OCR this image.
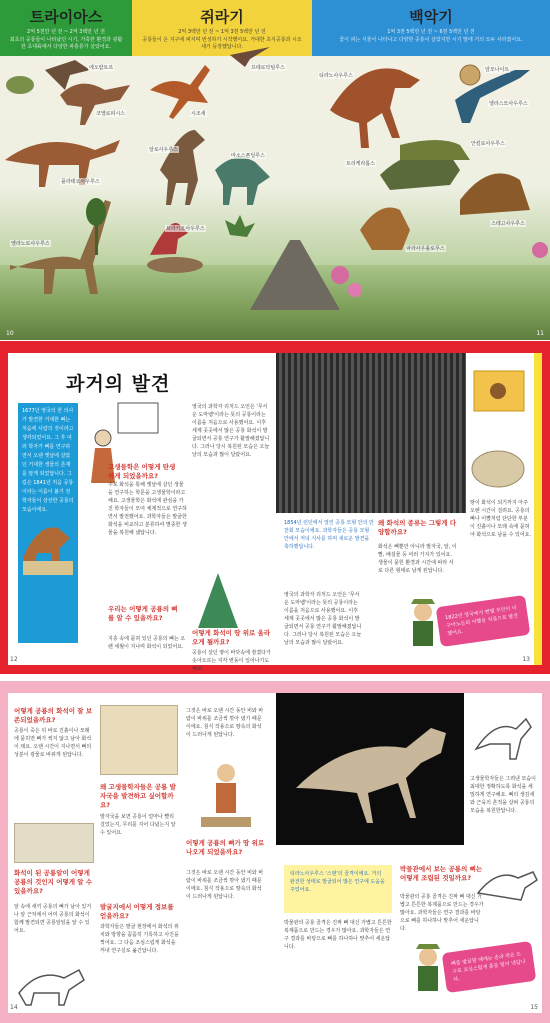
트라이아스
2억 5천만 년 전 ~ 2억 3백만 년 전
최초의 공룡들이 나타났던 시기, 가혹한 환경과 광활한 초대륙에서 다양한 파충류가 살았어요.
쥐라기
2억 3백만 년 전 ~ 1억 3천 5백만 년 전
공룡들이 온 지구에 퍼지며 번성하기 시작했어요. 거대한 초식공룡과 시조새가 등장했답니다.
백악기
1억 3천 5백만 년 전 ~ 6천 5백만 년 전
꽃이 피는 식물이 나타나고 다양한 공룡이 살았지만 시기 말에 거의 모두 사라졌어요.
에오랍토르
코엘로피시스
플라테오사우루스
멜라노로사우루스
프테로닥틸루스
알로사우루스
시조새
마소스폰딜루스
브라키오사우루스
티라노사우루스
엘라스모사우루스
암모나이트
트리케라톱스
안킬로사우루스
스테고사우루스
파라사우롤로푸스
10	11
과거의 발견
1677년 영국의 한 의사가 발견한 거대한 뼈는 처음에 사람의 것이라고 생각되었어요. 그 후 여러 학자가 뼈를 연구하면서 오랜 옛날에 살았던 거대한 생물의 존재를 알게 되었답니다. 그림은 1841년 처음 공룡이라는 이름이 붙기 전 학자들이 상상한 공룡의 모습이에요.
고생물학은 어떻게 탄생하게 되었을까요?
주로 화석을 통해 옛날에 살던 생물을 연구하는 학문을 고생물학이라고 해요. 고생물학은 화석에 관심을 가진 학자들이 모여 체계적으로 연구하면서 발전했어요. 과학자들은 발굴한 화석을 비교하고 분류하여 멸종한 생물을 복원해 냈답니다.
우리는 어떻게 공룡의 뼈를 알 수 있을까요?
지층 속에 묻혀 있던 공룡의 뼈는 오랜 세월이 지나며 화석이 되었어요.
영국의 과학자 리처드 오언은 '무서운 도마뱀'이라는 뜻의 공룡이라는 이름을 처음으로 사용했어요. 이후 세계 곳곳에서 많은 공룡 화석이 발굴되면서 공룡 연구가 활발해졌답니다. 그러나 당시 복원된 모습은 오늘날의 모습과 많이 달랐어요.
어떻게 화석이 땅 위로 올라오게 될까요?
공룡이 살던 땅이 바닷속에 잠겼다가 솟아오르는 지각 변동이 일어나기도 해요.
1854년 런던에서 열린 공룡 모형 안의 만찬회 모습이에요. 과학자들은 공룡 모형 안에서 저녁 식사를 하며 새로운 발견을 축하했답니다.
영국의 과학자 리처드 오언은 '무서운 도마뱀'이라는 뜻의 공룡이라는 이름을 처음으로 사용했어요. 이후 세계 곳곳에서 많은 공룡 화석이 발굴되면서 공룡 연구가 활발해졌답니다. 그러나 당시 복원된 모습은 오늘날의 모습과 많이 달랐어요.
왜 화석의 종류는 그렇게 다양할까요?
화석은 뼈뿐만 아니라 발자국, 알, 이빨, 배설물 등 여러 가지가 있어요. 생물이 묻힌 환경과 시간에 따라 서로 다른 형태로 남게 된답니다.
땅이 화석이 되기까지 아주 오랜 시간이 걸려요. 공룡의 뼈나 이빨처럼 단단한 부분이 진흙이나 모래 속에 묻혀야 화석으로 남을 수 있어요.
1822년 영국에서 맨텔 부인이 이구아노돈의 이빨을 처음으로 발견했어요.
12	13
어떻게 공룡의 화석이 잘 보존되었을까요?
공룡이 죽은 뒤 바로 진흙이나 모래에 묻히면 뼈가 썩지 않고 남아 화석이 돼요. 오랜 시간이 지나면서 뼈의 성분이 광물로 바뀌게 된답니다.
화석이 된 공룡알이 어떻게 공룡의 것인지 어떻게 알 수 있을까요?
알 속에 새끼 공룡의 뼈가 남아 있거나 알 근처에서 어미 공룡의 화석이 함께 발견되면 공룡알임을 알 수 있어요.
왜 고생물학자들은 공룡 발자국을 발견하고 싶어할까요?
발자국을 보면 공룡이 얼마나 빨리 걸었는지, 무리를 지어 다녔는지 알 수 있어요.
발굴지에서 어떻게 정보를 얻을까요?
과학자들은 발굴 현장에서 화석의 위치와 방향을 꼼꼼히 기록하고 사진을 찍어요. 그 다음 조심스럽게 화석을 꺼내 연구실로 옮긴답니다.
그것은 바로 오랜 시간 동안 비와 바람이 바위를 조금씩 깎아 냈기 때문이에요. 침식 작용으로 땅속의 화석이 드러나게 된답니다.
어떻게 공룡의 뼈가 땅 위로 나오게 되었을까요?
그것은 바로 오랜 시간 동안 비와 바람이 바위를 조금씩 깎아 냈기 때문이에요. 침식 작용으로 땅속의 화석이 드러나게 된답니다.
티라노사우루스 '스탠'의 골격이에요. 거의 완전한 상태로 발굴되어 많은 연구에 도움을 주었어요.
박물관에서 보는 공룡의 뼈는 어떻게 조립된 것일까요?
박물관의 공룡 골격은 진짜 뼈 대신 가볍고 튼튼한 복제품으로 만드는 경우가 많아요. 과학자들은 연구 결과를 바탕으로 뼈를 하나하나 맞추어 세운답니다.
박물관의 공룡 골격은 진짜 뼈 대신 가볍고 튼튼한 복제품으로 만드는 경우가 많아요. 과학자들은 연구 결과를 바탕으로 뼈를 하나하나 맞추어 세운답니다.
고생물학자들은 그려낸 모습이 최대한 정확하도록 화석을 세밀하게 연구해요. 뼈의 생김새와 근육의 흔적을 살펴 공룡의 모습을 복원한답니다.
뼈를 발굴할 때에는 솔과 작은 도구로 조심스럽게 흙을 털어 낸답니다.
14	15
